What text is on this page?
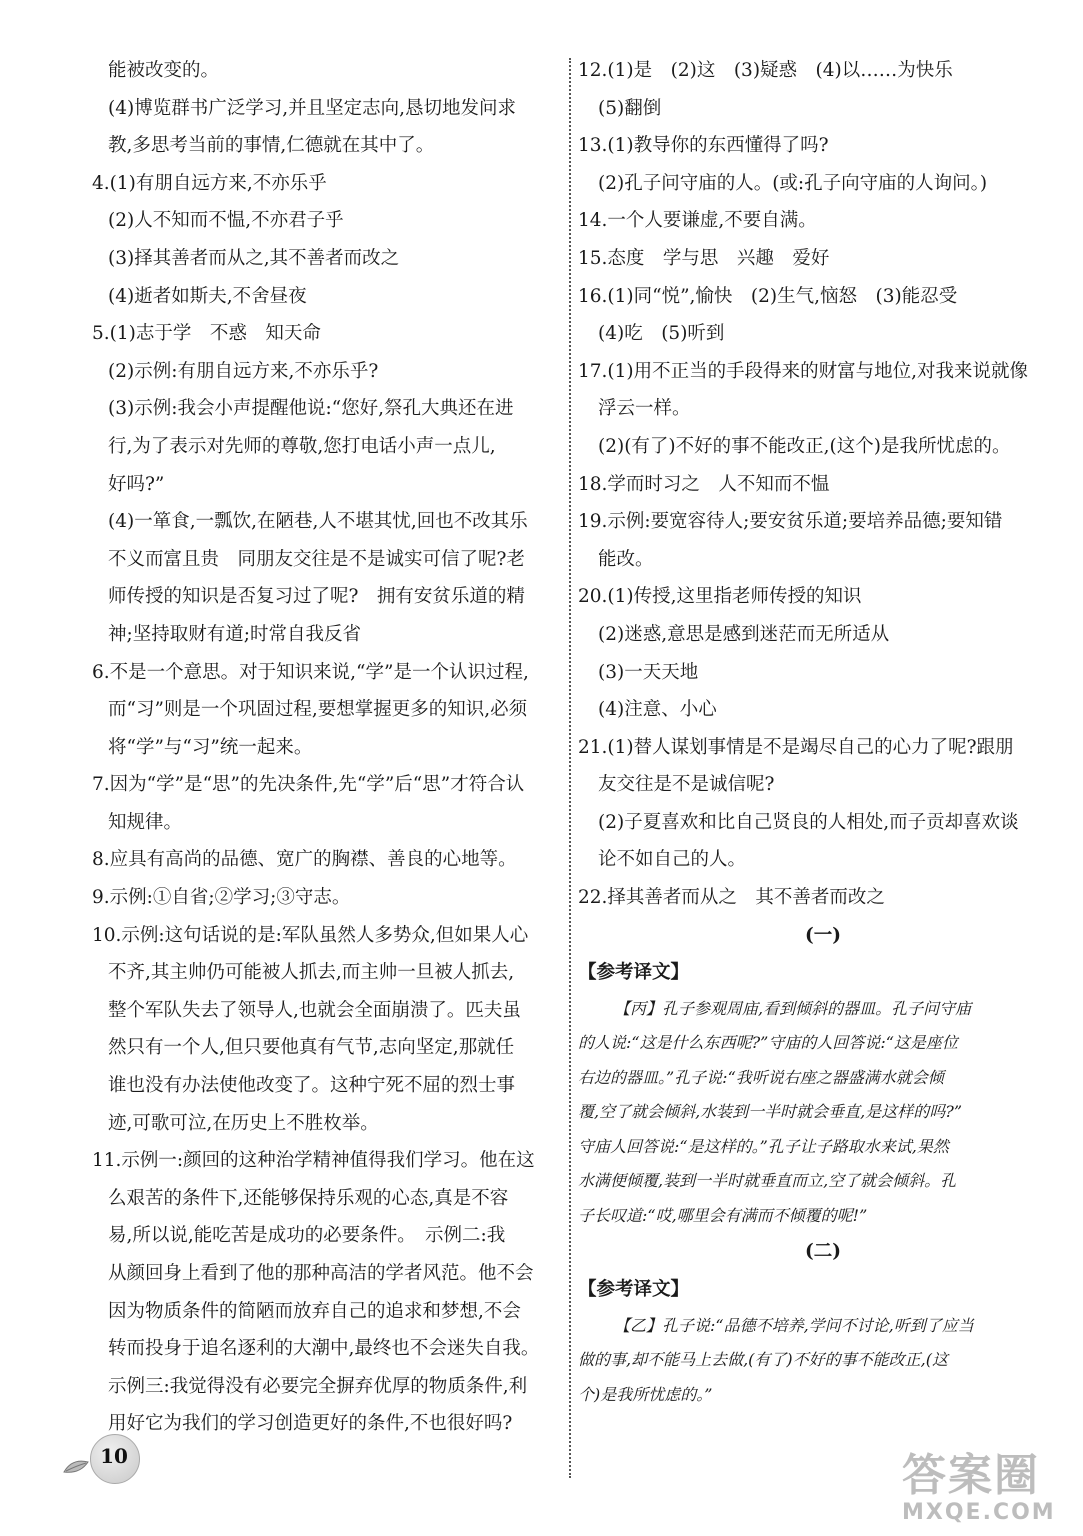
能被改变的。
(4)博览群书广泛学习,并且坚定志向,恳切地发问求
教,多思考当前的事情,仁德就在其中了。
4.(1)有朋自远方来,不亦乐乎
(2)人不知而不愠,不亦君子乎
(3)择其善者而从之,其不善者而改之
(4)逝者如斯夫,不舍昼夜
5.(1)志于学　不惑　知天命
(2)示例:有朋自远方来,不亦乐乎?
(3)示例:我会小声提醒他说:“您好,祭孔大典还在进
行,为了表示对先师的尊敬,您打电话小声一点儿,
好吗?”
(4)一箪食,一瓢饮,在陋巷,人不堪其忧,回也不改其乐
不义而富且贵　同朋友交往是不是诚实可信了呢?老
师传授的知识是否复习过了呢?　拥有安贫乐道的精
神;坚持取财有道;时常自我反省
6.不是一个意思。对于知识来说,“学”是一个认识过程,
而“习”则是一个巩固过程,要想掌握更多的知识,必须
将“学”与“习”统一起来。
7.因为“学”是“思”的先决条件,先“学”后“思”才符合认
知规律。
8.应具有高尚的品德、宽广的胸襟、善良的心地等。
9.示例:①自省;②学习;③守志。
10.示例:这句话说的是:军队虽然人多势众,但如果人心
不齐,其主帅仍可能被人抓去,而主帅一旦被人抓去,
整个军队失去了领导人,也就会全面崩溃了。匹夫虽
然只有一个人,但只要他真有气节,志向坚定,那就任
谁也没有办法使他改变了。这种宁死不屈的烈士事
迹,可歌可泣,在历史上不胜枚举。
11.示例一:颜回的这种治学精神值得我们学习。他在这
么艰苦的条件下,还能够保持乐观的心态,真是不容
易,所以说,能吃苦是成功的必要条件。　示例二:我
从颜回身上看到了他的那种高洁的学者风范。他不会
因为物质条件的简陋而放弃自己的追求和梦想,不会
转而投身于追名逐利的大潮中,最终也不会迷失自我。
示例三:我觉得没有必要完全摒弃优厚的物质条件,利
用好它为我们的学习创造更好的条件,不也很好吗?
12.(1)是　(2)这　(3)疑惑　(4)以……为快乐
(5)翻倒
13.(1)教导你的东西懂得了吗?
(2)孔子问守庙的人。(或:孔子向守庙的人询问。)
14.一个人要谦虚,不要自满。
15.态度　学与思　兴趣　爱好
16.(1)同“悦”,愉快　(2)生气,恼怒　(3)能忍受
(4)吃　(5)听到
17.(1)用不正当的手段得来的财富与地位,对我来说就像
浮云一样。
(2)(有了)不好的事不能改正,(这个)是我所忧虑的。
18.学而时习之　人不知而不愠
19.示例:要宽容待人;要安贫乐道;要培养品德;要知错
能改。
20.(1)传授,这里指老师传授的知识
(2)迷惑,意思是感到迷茫而无所适从
(3)一天天地
(4)注意、小心
21.(1)替人谋划事情是不是竭尽自己的心力了呢?跟朋
友交往是不是诚信呢?
(2)子夏喜欢和比自己贤良的人相处,而子贡却喜欢谈
论不如自己的人。
22.择其善者而从之　其不善者而改之
(一)
【参考译文】
【丙】孔子参观周庙,看到倾斜的器皿。孔子问守庙
的人说:“这是什么东西呢?”守庙的人回答说:“这是座位
右边的器皿。”孔子说:“我听说右座之器盛满水就会倾
覆,空了就会倾斜,水装到一半时就会垂直,是这样的吗?”
守庙人回答说:“是这样的。”孔子让子路取水来试,果然
水满便倾覆,装到一半时就垂直而立,空了就会倾斜。孔
子长叹道:“哎,哪里会有满而不倾覆的呢!”
(二)
【参考译文】
【乙】孔子说:“品德不培养,学问不讨论,听到了应当
做的事,却不能马上去做,(有了)不好的事不能改正,(这
个)是我所忧虑的。”
10	答案圈
MXQE.COM
